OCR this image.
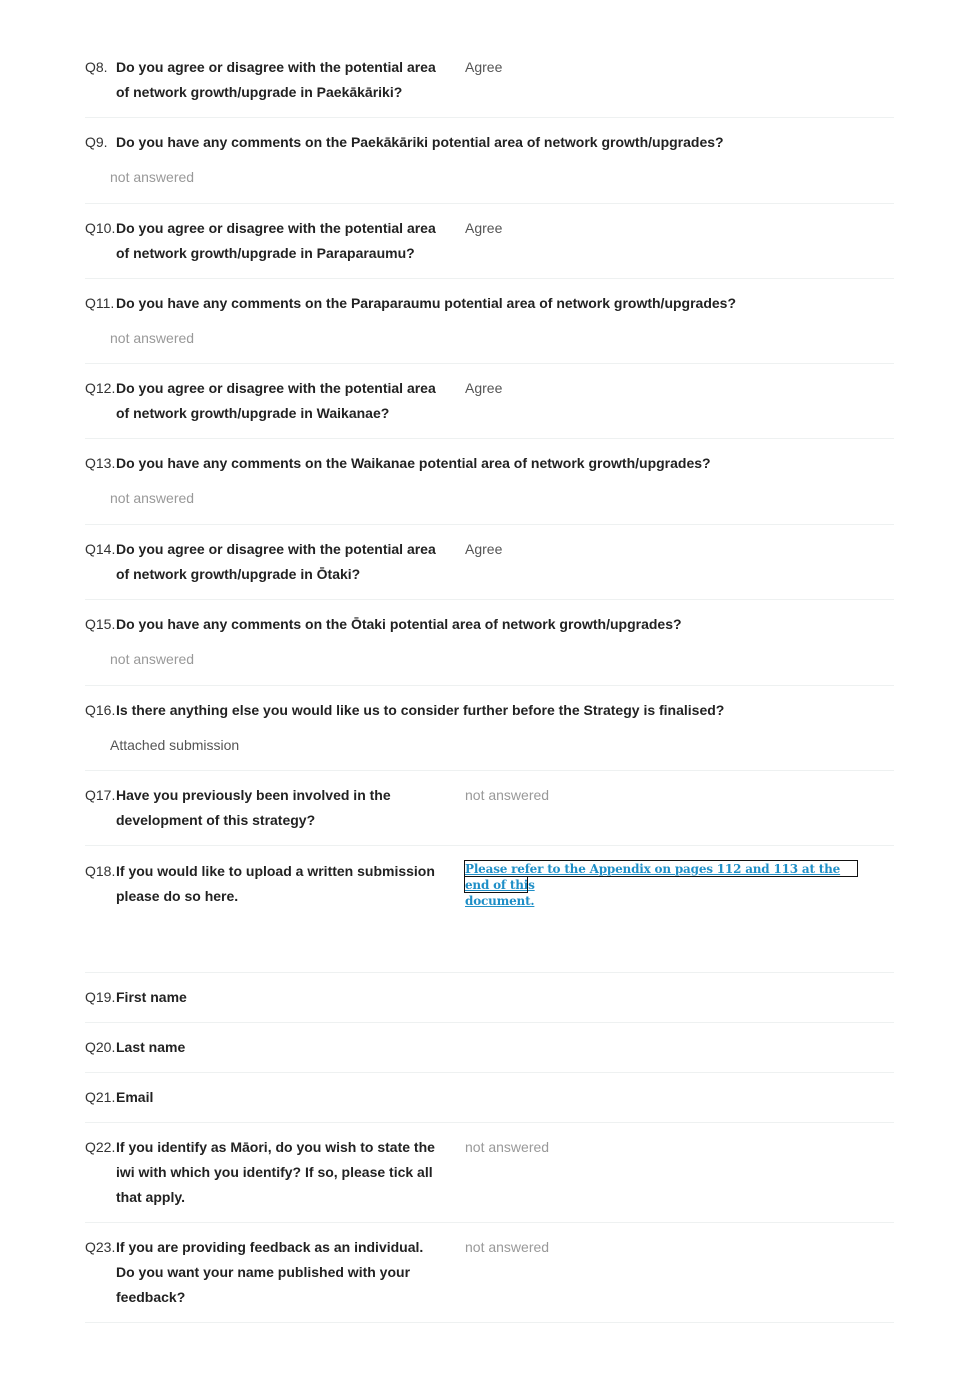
Q8. Do you agree or disagree with the potential area
of network growth/upgrade in Paekākāriki?
Agree
Q9. Do you have any comments on the Paekākāriki potential area of network growth/upgrades?
not answered
Q10. Do you agree or disagree with the potential area
of network growth/upgrade in Paraparaumu?
Agree
Q11. Do you have any comments on the Paraparaumu potential area of network growth/upgrades?
not answered
Q12. Do you agree or disagree with the potential area
of network growth/upgrade in Waikanae?
Agree
Q13. Do you have any comments on the Waikanae potential area of network growth/upgrades?
not answered
Q14. Do you agree or disagree with the potential area
of network growth/upgrade in Ōtaki?
Agree
Q15. Do you have any comments on the Ōtaki potential area of network growth/upgrades?
not answered
Q16. Is there anything else you would like us to consider further before the Strategy is finalised?
Attached submission
Q17. Have you previously been involved in the
development of this strategy?
not answered
Q18. If you would like to upload a written submission
please do so here.
Please refer to the Appendix on pages 112 and 113 at the end of this
document.
Q19. First name
Q20. Last name
Q21. Email
Q22. If you identify as Māori, do you wish to state the
iwi with which you identify? If so, please tick all
that apply.
not answered
Q23. If you are providing feedback as an individual.
Do you want your name published with your
feedback?
not answered
